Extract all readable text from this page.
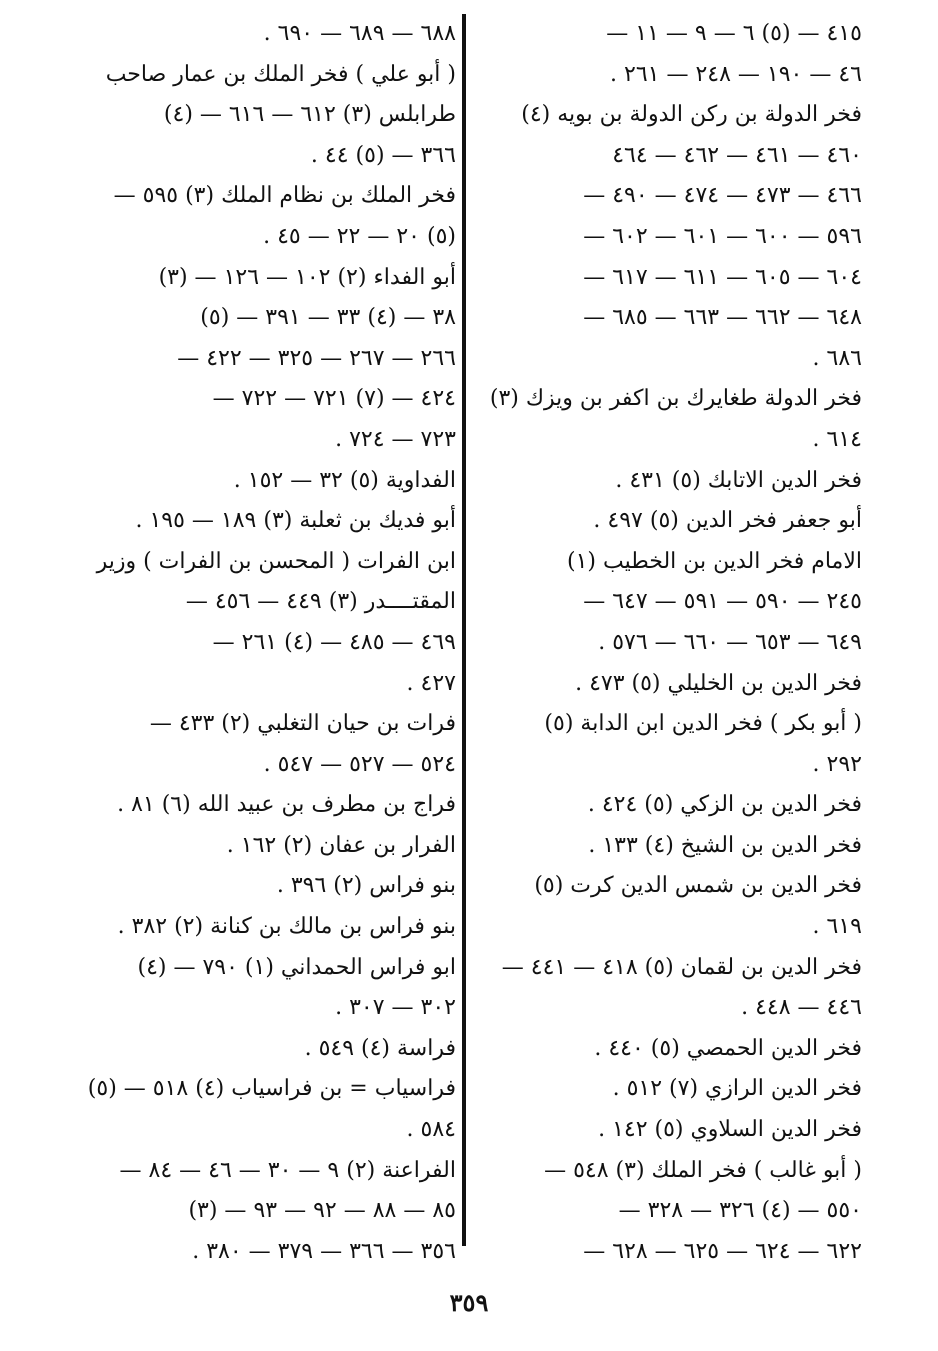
٤١٥ — (٥) ٦ — ٩ — ١١ —
٤٦ — ١٩٠ — ٢٤٨ — ٢٦١ .
فخر الدولة بن ركن الدولة بن بويه (٤)
٤٦٠ — ٤٦١ — ٤٦٢ — ٤٦٤
٤٦٦ — ٤٧٣ — ٤٧٤ — ٤٩٠ —
٥٩٦ — ٦٠٠ — ٦٠١ — ٦٠٢ —
٦٠٤ — ٦٠٥ — ٦١١ — ٦١٧ —
٦٤٨ — ٦٦٢ — ٦٦٣ — ٦٨٥ —
٦٨٦ .
فخر الدولة طغايرك بن اكفر بن ويزك (٣)
٦١٤ .
فخر الدين الاتابك (٥) ٤٣١ .
أبو جعفر فخر الدين (٥) ٤٩٧ .
الامام فخر الدين بن الخطيب (١)
٢٤٥ — ٥٩٠ — ٥٩١ — ٦٤٧ —
٦٤٩ — ٦٥٣ — ٦٦٠ — ٥٧٦ .
فخر الدين بن الخليلي (٥) ٤٧٣ .
( أبو بكر ) فخر الدين ابن الدابة (٥)
٢٩٢ .
فخر الدين بن الزكي (٥) ٤٢٤ .
فخر الدين بن الشيخ (٤) ١٣٣ .
فخر الدين بن شمس الدين كرت (٥)
٦١٩ .
فخر الدين بن لقمان (٥) ٤١٨ — ٤٤١ —
٤٤٦ — ٤٤٨ .
فخر الدين الحمصي (٥) ٤٤٠ .
فخر الدين الرازي (٧) ٥١٢ .
فخر الدين السلاوي (٥) ١٤٢ .
( أبو غالب ) فخر الملك (٣) ٥٤٨ —
٥٥٠ — (٤) ٣٢٦ — ٣٢٨ —
٦٢٢ — ٦٢٤ — ٦٢٥ — ٦٢٨ —
٦٨٨ — ٦٨٩ — ٦٩٠ .
( أبو علي ) فخر الملك بن عمار صاحب
طرابلس (٣) ٦١٢ — ٦١٦ — (٤)
٣٦٦ — (٥) ٤٤ .
فخر الملك بن نظام الملك (٣) ٥٩٥ —
(٥) ٢٠ — ٢٢ — ٤٥ .
أبو الفداء (٢) ١٠٢ — ١٢٦ — (٣)
٣٨ — (٤) ٣٣ — ٣٩١ — (٥)
٢٦٦ — ٢٦٧ — ٣٢٥ — ٤٢٢ —
٤٢٤ — (٧) ٧٢١ — ٧٢٢ —
٧٢٣ — ٧٢٤ .
الفداوية (٥) ٣٢ — ١٥٢ .
أبو فديك بن ثعلبة (٣) ١٨٩ — ١٩٥ .
ابن الفرات ( المحسن بن الفرات ) وزير
المقتــــدر (٣) ٤٤٩ — ٤٥٦ —
٤٦٩ — ٤٨٥ — (٤) ٢٦١ —
٤٢٧ .
فرات بن حيان التغلبي (٢) ٤٣٣ —
٥٢٤ — ٥٢٧ — ٥٤٧ .
فراج بن مطرف بن عبيد الله (٦) ٨١ .
الفرار بن عفان (٢) ١٦٢ .
بنو فراس (٢) ٣٩٦ .
بنو فراس بن مالك بن كنانة (٢) ٣٨٢ .
ابو فراس الحمداني (١) ٧٩٠ — (٤)
٣٠٢ — ٣٠٧ .
فراسة (٤) ٥٤٩ .
فراسياب = بن فراسياب (٤) ٥١٨ — (٥)
٥٨٤ .
الفراعنة (٢) ٩ — ٣٠ — ٤٦ — ٨٤ —
٨٥ — ٨٨ — ٩٢ — ٩٣ — (٣)
٣٥٦ — ٣٦٦ — ٣٧٩ — ٣٨٠ .
٣٥٩
